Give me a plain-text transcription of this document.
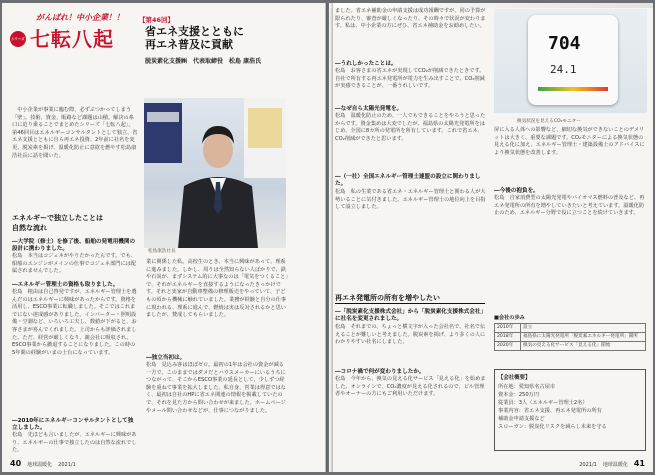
がんばれ！中小企業！！
シリーズ 七転八起
【第46回】
省エネ支援とともに
再エネ普及に貢献
脱炭素化支援㈱　代表取締役　松島 康浩氏
　中小企業が事業に臨む際、必ずぶつかってしまう「壁」。技術、資金、販路など課題は山積。解決の糸口に迫り乗ることでまとめたシリーズ「七転八起」。第46回目はエネルギーコンサルタントとして独立、省エネ支援とともに自ら再エネ投資、2年前に社名を変更、脱炭素を掲げ、温暖化防止に意欲を燃やす松島康浩社長に話を聞いた。
松島康浩社長
エネルギーで独立したことは
自然な流れ
―大学院（修士）を修了後、船舶の発電用機関の設計に携わりました。
松島　本当はコジェネがやりたかったんです。でも、船舶のエンジンがメインの仕事でコジェネ部門には配属されませんでした。
―エネルギー管理士の資格も取りました。
松島　粗由は自己啓発ですが、エネルギー管理士を選んだのはエネルギーに興味があったからです。資格を活用し、ESCO事業に転職しました。そこではこれまでにない達成感がありました。インバーター・照明設備・空調など、いろいろ工夫し、数値が下がると、お客さまが喜んでくれました。上司からも評価されました。ただ、経営が厳しくなり、親会社に吸収され、ESCO事業から撤退することになりました。この時の5年間の経験がいまの土台になっています。
―2010年にエネルギーコンサルタントとして独立しました。
松島　先ほども言いましたが、エネルギーに興味があり、エネルギーの仕事で独立したのは自然な流れでした。
業に関係した私。高校生のとき、本当に興味があって、理系に進みました。しかし、周りは全然知らない人ばかりで、鉄や石炭が、まずシステム的に大事なのは「電気をつくること」で、それがエネルギーを直接するようになったきっかけです。それと実家が自動車整備の修理販売をやっていて、子どもの頃から機械に触れていました。業務が経験と自分の仕事に現われる、理系に進んで、燃焼は実は反対されるかと思いましたが、賛成してもらいました。
―独立当初は。
松島　見込み客はほぼゼロ。最初の1年は会社の資金が減る一方で、このままではダメだとハウスメーカーにいるうちにつながって、そこからESCO事業の延長として、少しずつ経験を重ねて事業を拡大しました。私自身、営業は得意ではなく、最初は自社のHPに省エネ関連の情報を掲載していたので、それを見た方から問い合わせが来ました。ホームページやメール問い合わせなどが、仕事につながりました。
40 地球温暖化 2021/1
ました。省エネ補助金の申請支援は成功報酬ですが、同の予算が限られたり、審査が厳しくなったり、その時々で状況が変わります。私は、中小企業の方にぜひ、省エネ補助金をお勧めしたい。
―うれしかったことは。
松島　お客さまの省エネが実現してCO₂が削減できたときです。自社で所有する再エネ発電所が電力を生み出すことで、CO₂削減が実感できることが、一番うれしいです。
―なぜ自ら太陽光発電を。
松島　温暖化防止のため、一人でもできることをやろうと思ったからです。資金集めは大変でしたが、福島県の太陽光発電所をはじめ、全国に8カ所の発電所を所有しています。これで省エネ、CO₂削減ができたと思います。
―（一社）全国エネルギー管理士連盟の設立に関わりました。
松島　私の生業である省エネ・エネルギー管理士と関わる人が大勢いることに気付きました。エネルギー管理士の地位向上を目指して設立しました。
再エネ発電所の所有を増やしたい
―「脱炭素化支援株式会社」から「脱炭素化支援株式会社」に社名を変更されました。
松島　それまでの、ちょっと横文字が入った会社名で、社名で伝えることが難しいと考えました。脱炭素を掲げ、より多くの人にわかりやすい社名にしました。
―コロナ禍で何が変わりましたか。
松島　今年から、換気の見える化サービス「見える化」を始めました。オンラインで、CO₂濃度が見える化されるので、ビル管理者やオーナーの方にもご利用いただけます。
704
24.1
換気状況を見えるCO₂モニター
屏に入る人体への影響など、細切な換気ができないことのデメリットは大きく、重要な課題です。CO₂モニターによる換気状態の見える化に加え、エネルギー管理士・建築設備士のアドバイスにより換気状態を改善します。
―今後の抱負を。
松島　自家消費型の太陽光発電やバイオマス燃料の普及など、再エネ発電所の所有を増やしていきたいと考えています。温暖化防止のため、エネルギー分野で役に立つことを続けていきます。
■会社の歩み
2010年	設立
2018年	福島県に太陽光発電所「脱炭素エネルギー発電所」開所
2020年	換気の見える化サービス「見える化」開始
【会社概要】
所在地：愛知県名古屋市
資本金：250万円
従業員：3人（エネルギー管理士2名）
事業内容：省エネ支援、再エネ発電所の所有
補助金申請支援など
スローガン：脱炭化リスクを減らし未来を守る
2021/1 地球温暖化 41
